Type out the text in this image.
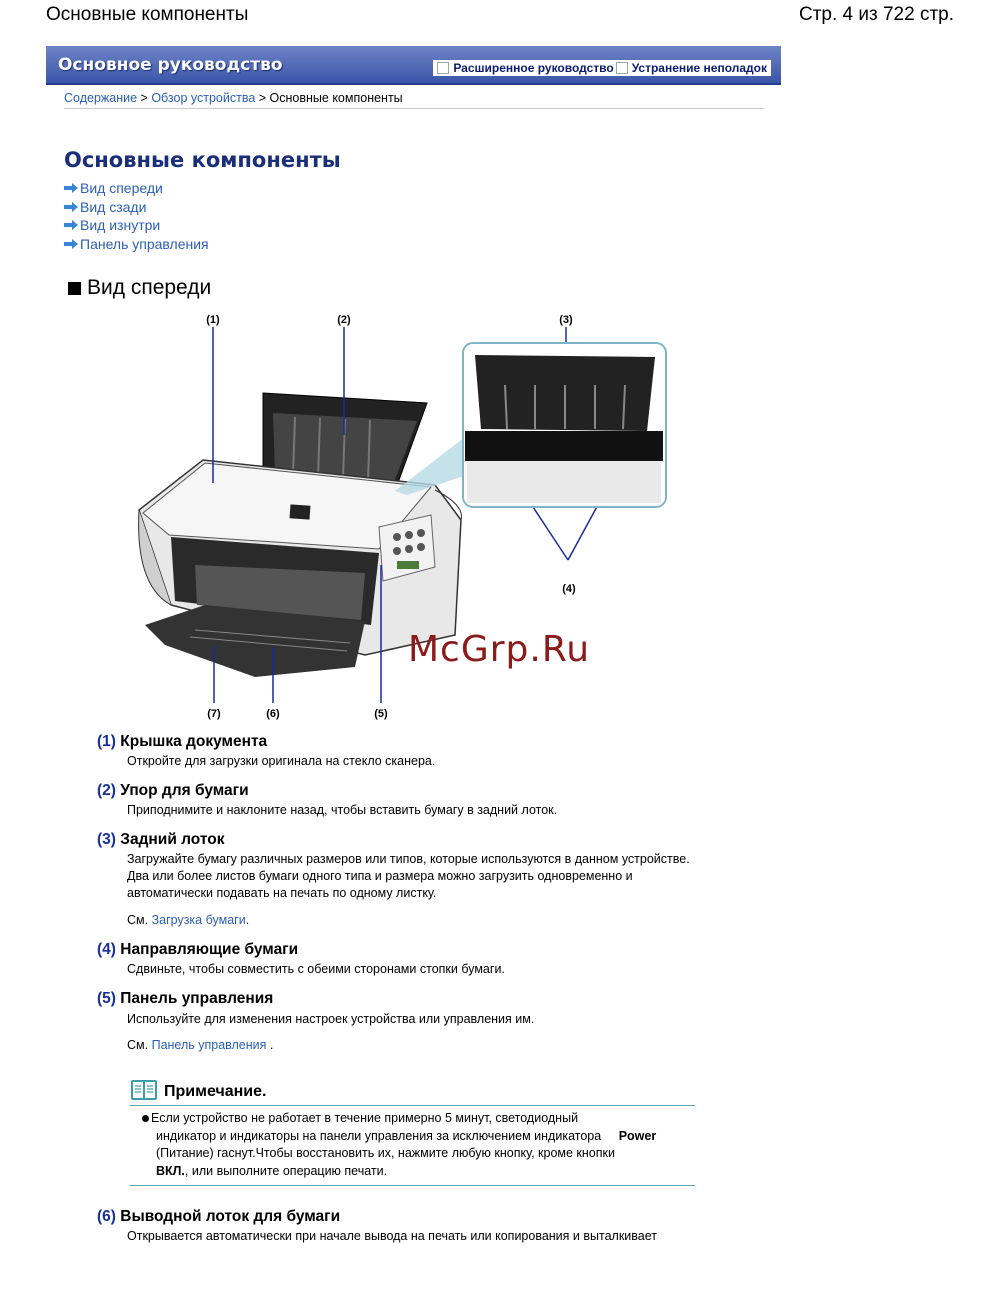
Основные компоненты	Стр. 4 из 722 стр.
Основное руководство	Расширенное руководство Устранение неполадок
Содержание > Обзор устройства > Основные компоненты
Основные компоненты
Вид спереди
Вид сзади
Вид изнутри
Панель управления
Вид спереди
(1)	(2)	(3)
(4)
(5)
(6)
(7)
McGrp.Ru
(1) Крышка документа
Откройте для загрузки оригинала на стекло сканера.
(2) Упор для бумаги
Приподнимите и наклоните назад, чтобы вставить бумагу в задний лоток.
(3) Задний лоток
Загружайте бумагу различных размеров или типов, которые используются в данном устройстве.
Два или более листов бумаги одного типа и размера можно загрузить одновременно и
автоматически подавать на печать по одному листку.
См. Загрузка бумаги.
(4) Направляющие бумаги
Сдвиньте, чтобы совместить с обеими сторонами стопки бумаги.
(5) Панель управления
Используйте для изменения настроек устройства или управления им.
См. Панель управления .
Примечание.
Если устройство не работает в течение примерно 5 минут, светодиодный
индикатор и индикаторы на панели управления за исключением индикатора Power
(Питание) гаснут.Чтобы восстановить их, нажмите любую кнопку, кроме кнопки
ВКЛ., или выполните операцию печати.
(6) Выводной лоток для бумаги
Открывается автоматически при начале вывода на печать или копирования и выталкивает
